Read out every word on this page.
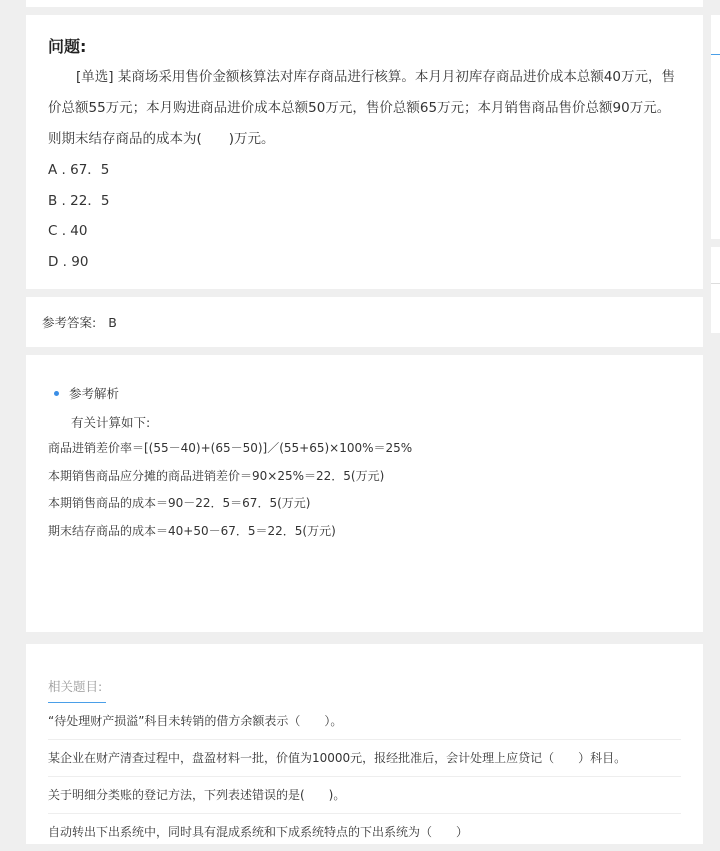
问题:

[单选] 某商场采用售价金额核算法对库存商品进行核算。本月月初库存商品进价成本总额40万元，售价总额55万元；本月购进商品进价成本总额50万元，售价总额65万元；本月销售商品售价总额90万元。则期末结存商品的成本为(　　)万元。

A . 67．5
B . 22．5
C . 40
D . 90
参考答案: B
参考解析
有关计算如下:
商品进销差价率＝[(55－40)+(65－50)]／(55+65)×100%＝25%
本期销售商品应分摊的商品进销差价＝90×25%＝22．5(万元)
本期销售商品的成本＝90－22．5＝67．5(万元)
期末结存商品的成本＝40+50－67．5＝22．5(万元)
相关题目:
“待处理财产损溢”科目未转销的借方余额表示（　　）。
某企业在财产清查过程中，盘盈材料一批，价值为10000元，报经批准后，会计处理上应贷记（　　）科目。
关于明细分类账的登记方法，下列表述错误的是(　　)。
自动转出下出系统中，同时具有混成系统和下成系统特点的下出系统为（　　）
